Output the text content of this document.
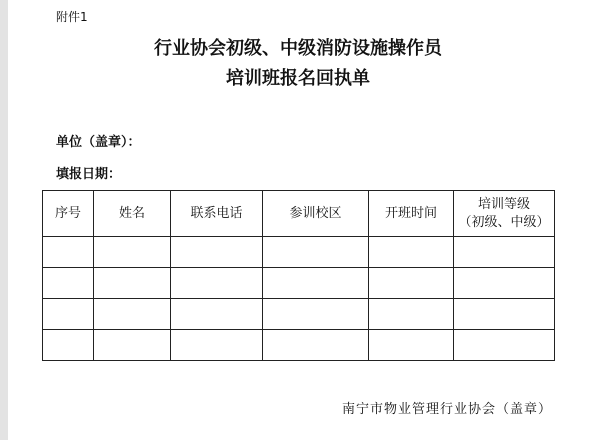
附件1
行业协会初级、中级消防设施操作员
培训班报名回执单
单位（盖章）：
填报日期：
序号	姓名	联系电话	参训校区	开班时间	培训等级
（初级、中级）

南宁市物业管理行业协会（盖章）
